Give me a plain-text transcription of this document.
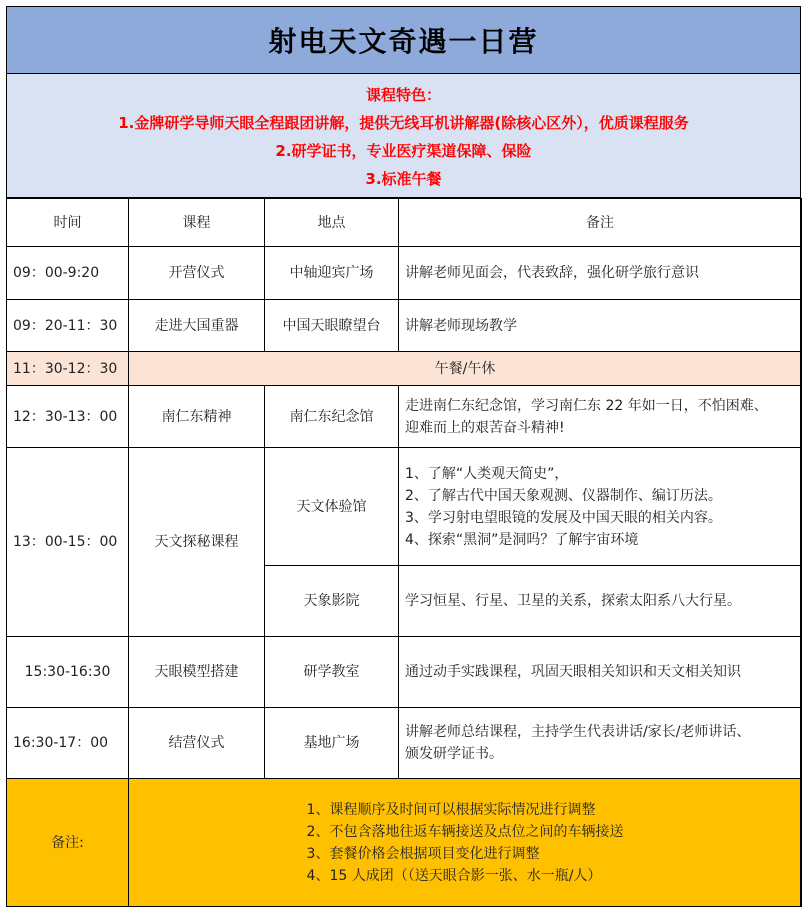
射电天文奇遇一日营
课程特色：
1.金牌研学导师天眼全程跟团讲解，提供无线耳机讲解器(除核心区外），优质课程服务
2.研学证书，专业医疗渠道保障、保险
3.标准午餐
时间	课程	地点	备注
09：00-9:20	开营仪式	中轴迎宾广场	讲解老师见面会，代表致辞，强化研学旅行意识
09：20-11：30	走进大国重器	中国天眼瞭望台	讲解老师现场教学
11：30-12：30	午餐/午休		
12：30-13：00	南仁东精神	南仁东纪念馆	走进南仁东纪念馆，学习南仁东 22 年如一日，不怕困难、
迎难而上的艰苦奋斗精神!

13：00-15：00	天文探秘课程	天文体验馆	1、了解“人类观天简史”，
2、了解古代中国天象观测、仪器制作、编订历法。
3、学习射电望眼镜的发展及中国天眼的相关内容。
4、探索“黑洞”是洞吗？了解宇宙环境

		天象影院	学习恒星、行星、卫星的关系，探索太阳系八大行星。
15:30-16:30	天眼模型搭建	研学教室	通过动手实践课程，巩固天眼相关知识和天文相关知识
16:30-17：00	结营仪式	基地广场	讲解老师总结课程，主持学生代表讲话/家长/老师讲话、
颁发研学证书。

备注:	1、课程顺序及时间可以根据实际情况进行调整
2、不包含落地往返车辆接送及点位之间的车辆接送
3、套餐价格会根据项目变化进行调整
4、15 人成团（（送天眼合影一张、水一瓶/人）		
